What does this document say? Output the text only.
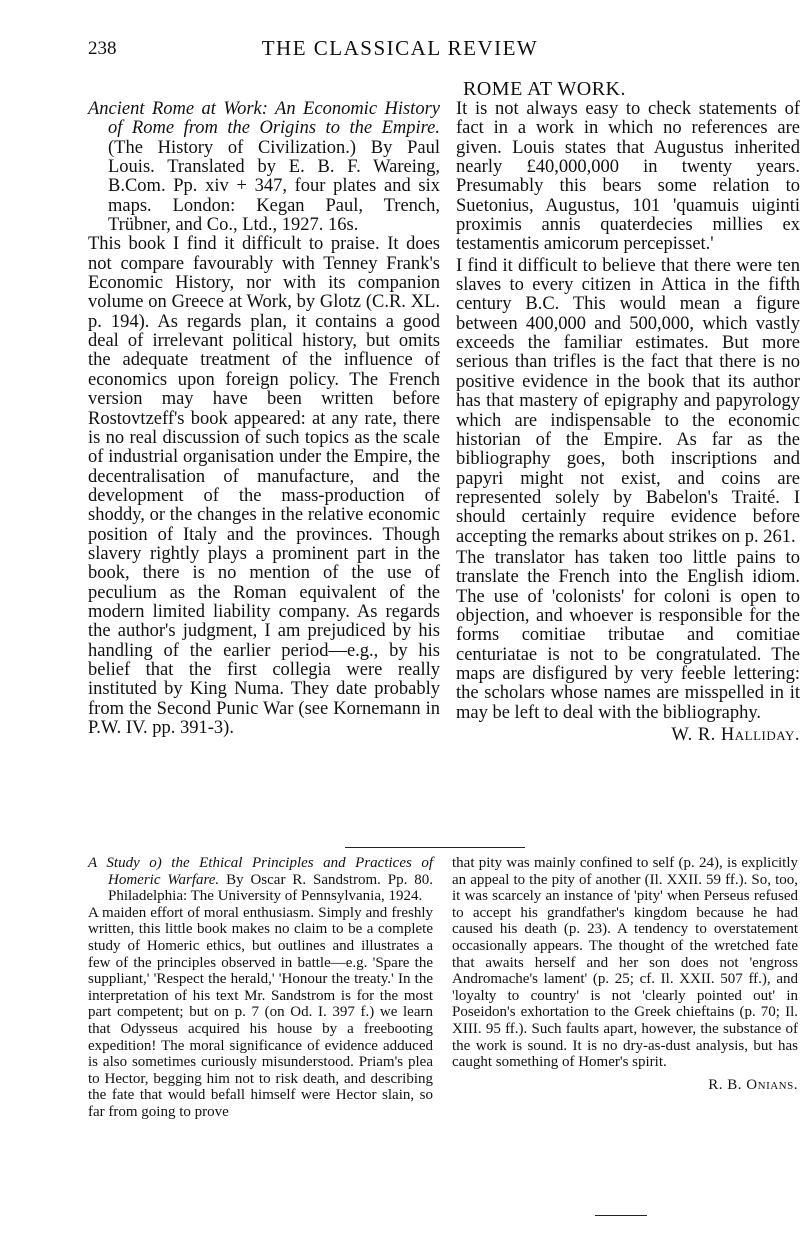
238	THE CLASSICAL REVIEW
ROME AT WORK.

Ancient Rome at Work: An Economic History of Rome from the Origins to the Empire. (The History of Civilization.) By Paul Louis. Translated by E. B. F. Wareing, B.Com. Pp. xiv + 347, four plates and six maps. London: Kegan Paul, Trench, Trübner, and Co., Ltd., 1927. 16s.

This book I find it difficult to praise. It does not compare favourably with Tenney Frank's Economic History, nor with its companion volume on Greece at Work, by Glotz (C.R. XL. p. 194). As regards plan, it contains a good deal of irrelevant political history, but omits the adequate treatment of the influence of economics upon foreign policy. The French version may have been written before Rostovtzeff's book appeared: at any rate, there is no real discussion of such topics as the scale of industrial organisation under the Empire, the decentralisation of manufacture, and the development of the mass-production of shoddy, or the changes in the relative economic position of Italy and the provinces. Though slavery rightly plays a prominent part in the book, there is no mention of the use of peculium as the Roman equivalent of the modern limited liability company. As regards the author's judgment, I am prejudiced by his handling of the earlier period—e.g., by his belief that the first collegia were really instituted by King Numa. They date probably from the Second Punic War (see Kornemann in P.W. IV. pp. 391-3).

It is not always easy to check statements of fact in a work in which no references are given. Louis states that Augustus inherited nearly £40,000,000 in twenty years. Presumably this bears some relation to Suetonius, Augustus, 101 'quamuis uiginti proximis annis quaterdecies millies ex testamentis amicorum percepisset.'

I find it difficult to believe that there were ten slaves to every citizen in Attica in the fifth century B.C. This would mean a figure between 400,000 and 500,000, which vastly exceeds the familiar estimates. But more serious than trifles is the fact that there is no positive evidence in the book that its author has that mastery of epigraphy and papyrology which are indispensable to the economic historian of the Empire. As far as the bibliography goes, both inscriptions and papyri might not exist, and coins are represented solely by Babelon's Traité. I should certainly require evidence before accepting the remarks about strikes on p. 261.

The translator has taken too little pains to translate the French into the English idiom. The use of 'colonists' for coloni is open to objection, and whoever is responsible for the forms comitiae tributae and comitiae centuriatae is not to be congratulated. The maps are disfigured by very feeble lettering: the scholars whose names are misspelled in it may be left to deal with the bibliography.

W. R. Halliday.

A Study o) the Ethical Principles and Practices of Homeric Warfare. By Oscar R. Sandstrom. Pp. 80. Philadelphia: The University of Pennsylvania, 1924.

A maiden effort of moral enthusiasm. Simply and freshly written, this little book makes no claim to be a complete study of Homeric ethics, but outlines and illustrates a few of the principles observed in battle—e.g. 'Spare the suppliant,' 'Respect the herald,' 'Honour the treaty.' In the interpretation of his text Mr. Sandstrom is for the most part competent; but on p. 7 (on Od. I. 397 f.) we learn that Odysseus acquired his house by a freebooting expedition! The moral significance of evidence adduced is also sometimes curiously misunderstood. Priam's plea to Hector, begging him not to risk death, and describing the fate that would befall himself were Hector slain, so far from going to prove

that pity was mainly confined to self (p. 24), is explicitly an appeal to the pity of another (Il. XXII. 59 ff.). So, too, it was scarcely an instance of 'pity' when Perseus refused to accept his grandfather's kingdom because he had caused his death (p. 23). A tendency to overstatement occasionally appears. The thought of the wretched fate that awaits herself and her son does not 'engross Andromache's lament' (p. 25; cf. Il. XXII. 507 ff.), and 'loyalty to country' is not 'clearly pointed out' in Poseidon's exhortation to the Greek chieftains (p. 70; Il. XIII. 95 ff.). Such faults apart, however, the substance of the work is sound. It is no dry-as-dust analysis, but has caught something of Homer's spirit.

R. B. Onians.
